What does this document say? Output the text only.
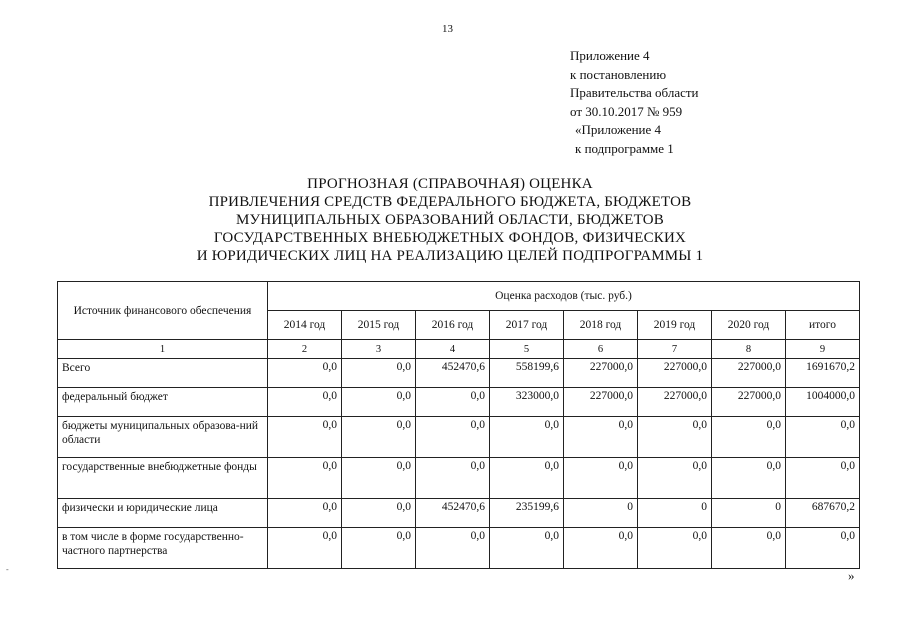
13
Приложение 4
к постановлению
Правительства области
от 30.10.2017 № 959
«Приложение 4
к подпрограмме 1
ПРОГНОЗНАЯ (СПРАВОЧНАЯ) ОЦЕНКА
ПРИВЛЕЧЕНИЯ СРЕДСТВ ФЕДЕРАЛЬНОГО БЮДЖЕТА, БЮДЖЕТОВ
МУНИЦИПАЛЬНЫХ ОБРАЗОВАНИЙ ОБЛАСТИ, БЮДЖЕТОВ
ГОСУДАРСТВЕННЫХ ВНЕБЮДЖЕТНЫХ ФОНДОВ, ФИЗИЧЕСКИХ
И ЮРИДИЧЕСКИХ ЛИЦ НА РЕАЛИЗАЦИЮ ЦЕЛЕЙ ПОДПРОГРАММЫ 1
Источник финансового обеспечения	Оценка расходов (тыс. руб.)							
	2014 год	2015 год	2016 год	2017 год	2018 год	2019 год	2020 год	итого
1	2	3	4	5	6	7	8	9
Всего	0,0	0,0	452470,6	558199,6	227000,0	227000,0	227000,0	1691670,2
федеральный бюджет	0,0	0,0	0,0	323000,0	227000,0	227000,0	227000,0	1004000,0
бюджеты муниципальных образова-ний области	0,0	0,0	0,0	0,0	0,0	0,0	0,0	0,0
государственные внебюджетные фонды	0,0	0,0	0,0	0,0	0,0	0,0	0,0	0,0
физически и юридические лица	0,0	0,0	452470,6	235199,6	0	0	0	687670,2
в том числе в форме государственно-частного партнерства	0,0	0,0	0,0	0,0	0,0	0,0	0,0	0,0
»
-
